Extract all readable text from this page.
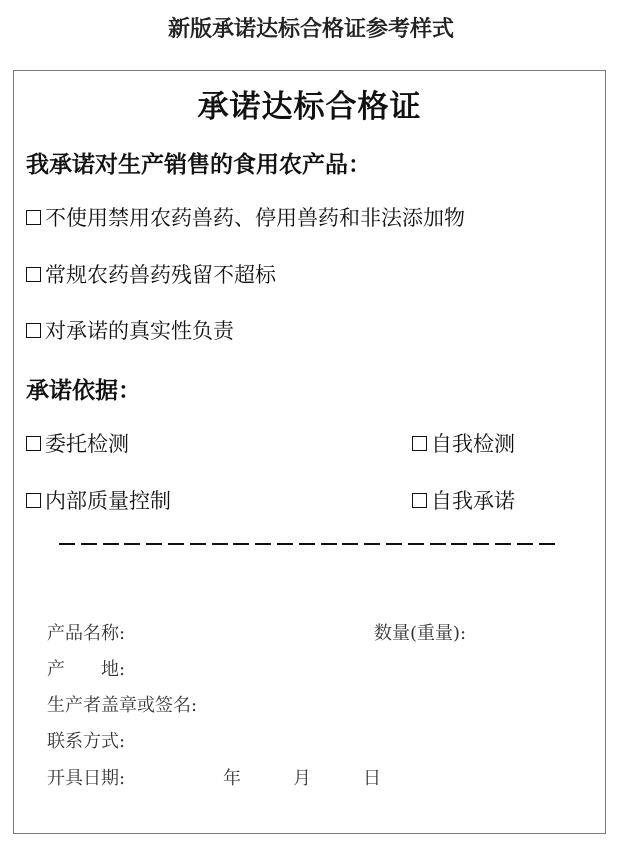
新版承诺达标合格证参考样式
承诺达标合格证
我承诺对生产销售的食用农产品：
不使用禁用农药兽药、停用兽药和非法添加物
常规农药兽药残留不超标
对承诺的真实性负责
承诺依据：
委托检测	自我检测
内部质量控制	自我承诺
产品名称:	数量(重量):
产　　地:
生产者盖章或签名:
联系方式:
开具日期:	年	月	日
